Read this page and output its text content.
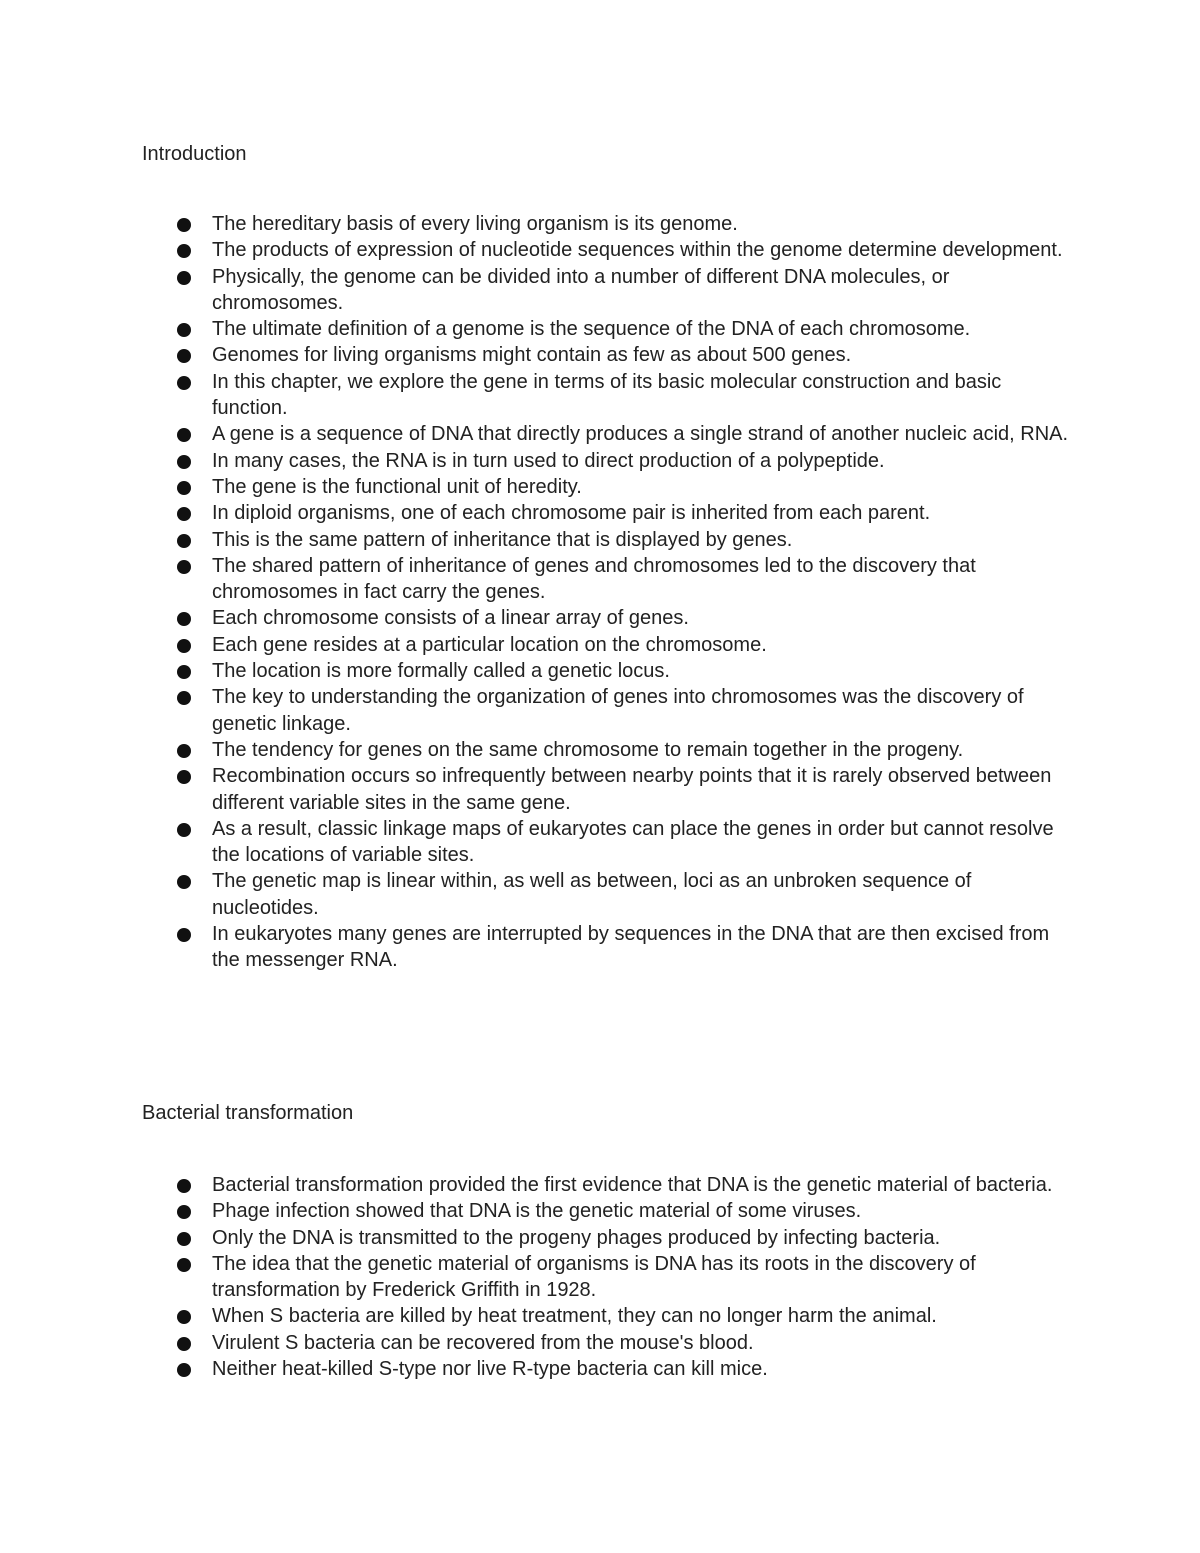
Introduction
The hereditary basis of every living organism is its genome.
The products of expression of nucleotide sequences within the genome determine development.
Physically, the genome can be divided into a number of different DNA molecules, or chromosomes.
The ultimate definition of a genome is the sequence of the DNA of each chromosome.
Genomes for living organisms might contain as few as about 500 genes.
In this chapter, we explore the gene in terms of its basic molecular construction and basic function.
A gene is a sequence of DNA that directly produces a single strand of another nucleic acid, RNA.
In many cases, the RNA is in turn used to direct production of a polypeptide.
The gene is the functional unit of heredity.
In diploid organisms, one of each chromosome pair is inherited from each parent.
This is the same pattern of inheritance that is displayed by genes.
The shared pattern of inheritance of genes and chromosomes led to the discovery that chromosomes in fact carry the genes.
Each chromosome consists of a linear array of genes.
Each gene resides at a particular location on the chromosome.
The location is more formally called a genetic locus.
The key to understanding the organization of genes into chromosomes was the discovery of genetic linkage.
The tendency for genes on the same chromosome to remain together in the progeny.
Recombination occurs so infrequently between nearby points that it is rarely observed between different variable sites in the same gene.
As a result, classic linkage maps of eukaryotes can place the genes in order but cannot resolve the locations of variable sites.
The genetic map is linear within, as well as between, loci as an unbroken sequence of nucleotides.
In eukaryotes many genes are interrupted by sequences in the DNA that are then excised from the messenger RNA.
Bacterial transformation
Bacterial transformation provided the first evidence that DNA is the genetic material of bacteria.
Phage infection showed that DNA is the genetic material of some viruses.
Only the DNA is transmitted to the progeny phages produced by infecting bacteria.
The idea that the genetic material of organisms is DNA has its roots in the discovery of transformation by Frederick Griffith in 1928.
When S bacteria are killed by heat treatment, they can no longer harm the animal.
Virulent S bacteria can be recovered from the mouse's blood.
Neither heat-killed S-type nor live R-type bacteria can kill mice.
